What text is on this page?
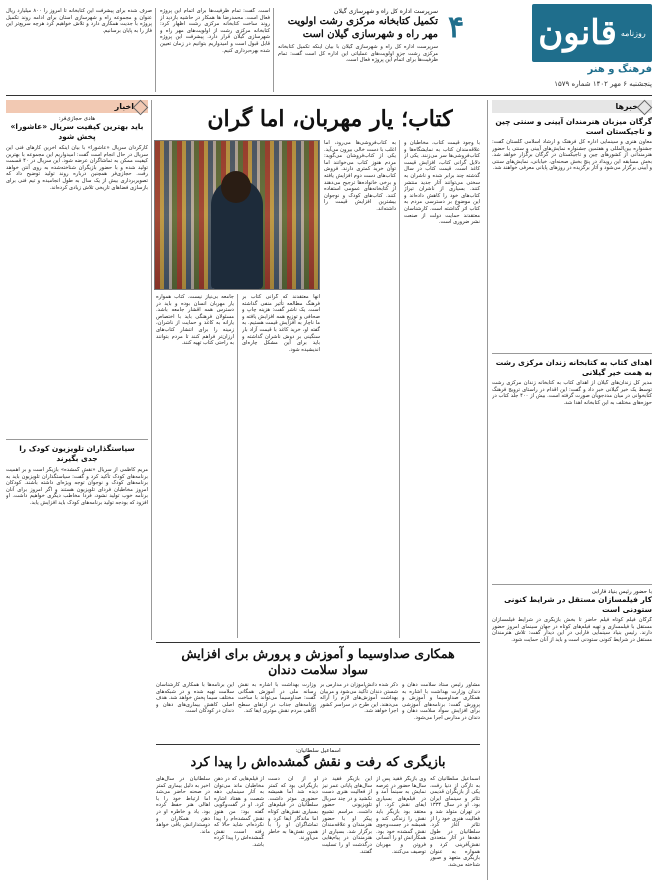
روزنامه
قانون
۴
فرهنگ و هنر
پنجشنبه ۶ مهر ۱۴۰۲ شماره ۱۵۷۹
سرپرست اداره کل راه و شهرسازی گیلان
تکمیل کتابخانه مرکزی رشت اولویت
مهر راه و شهرسازی گیلان است
سرپرست اداره کل راه و شهرسازی گیلان با بیان اینکه تکمیل کتابخانه مرکزی رشت جزو اولویت‌های عملیاتی این اداره کل است گفت: تمام ظرفیت‌ها برای اتمام این پروژه فعال است.
است. گفت: تمام ظرفیت‌ها برای اتمام این پروژه فعال است. محمدرضا ها همکار در حاشیه بازدید از روند ساخت کتابخانه مرکزی رشت اظهار کرد: کتابخانه مرکزی رشت از اولویت‌های مهر راه و شهرسازی گیلان قرار دارد. پیشرفت این پروژه قابل قبول است و امیدواریم بتوانیم در زمان تعیین شده بهره‌برداری کنیم.
صرف شده برای پیشرفت این کتابخانه تا امروز را ۸۰۰ میلیارد ریال عنوان و مجموعه راه و شهرسازی استان برای ادامه روند تکمیل پروژه با جدیت همکاری دارد و تلاش خواهیم کرد هرچه سریع‌تر این فاز را به پایان برسانیم.
خبرها
گرگان میزبان هنرمندان آیینی و سنتی چین و تاجیکستان است
معاون هنری و سینمایی اداره کل فرهنگ و ارشاد اسلامی گلستان گفت: جشنواره بین‌المللی و هفتمین جشنواره نمایش‌های آیینی و سنتی با حضور هنرمندانی از کشورهای چین و تاجیکستان در گرگان برگزار خواهد شد. بخش مسابقه این رویداد در پنج بخش صحنه‌ای، خیابانی، نمایش‌های سنتی و آیینی برگزار می‌شود و آثار برگزیده در روزهای پایانی معرفی خواهند شد.
اهدای کتاب به کتابخانه زندان مرکزی رشت به همت خیر گیلانی
مدیر کل زندان‌های گیلان از اهدای کتاب به کتابخانه زندان مرکزی رشت توسط یک خیر گیلانی خبر داد و گفت: این اقدام در راستای ترویج فرهنگ کتابخوانی در میان مددجویان صورت گرفته است. بیش از ۴۰۰ جلد کتاب در حوزه‌های مختلف به این کتابخانه اهدا شد.
با حضور رئیس بنیاد فارابی
کار فیلمسازان مستقل در شرایط کنونی ستودنی است
گرگان فیلم کوتاه فیلم حاضر تا بخش بازیگری در شرایط فیلمسازان مستقل با فیلمسازی و تهیه فیلم‌های کوتاه در جهان سینمای امروز حضور دارند. رئیس بنیاد سینمایی فارابی در این دیدار گفت: تلاش هنرمندان مستقل در شرایط کنونی ستودنی است و باید از آنان حمایت شود.
کتاب؛ یار مهربان، اما گران
با وجود قیمت کتاب، مخاطبان و علاقه‌مندان کتاب به نمایشگاه‌ها و کتاب‌فروشی‌ها سر می‌زنند. یکی از دلایل گرانی کتاب، افزایش قیمت کاغذ است. قیمت کتاب در سال گذشته چند برابر شده و ناشران به سختی می‌توانند آثار جدید منتشر کنند. بسیاری از ناشران تیراژ کتاب‌های خود را کاهش داده‌اند و این موضوع بر دسترسی مردم به کتاب اثر گذاشته است. کارشناسان معتقدند حمایت دولت از صنعت نشر ضروری است.
به کتاب‌فروشی‌ها می‌رود، اما اغلب با دست خالی بیرون می‌آید. یکی از کتاب‌فروشان می‌گوید: مردم هنوز کتاب می‌خوانند اما توان خرید کمتری دارند. فروش کتاب‌های دست دوم افزایش یافته و برخی خانواده‌ها ترجیح می‌دهند از کتابخانه‌های عمومی استفاده کنند. کتاب‌های کودک و نوجوان بیشترین افزایش قیمت را داشته‌اند.
آنها معتقدند که گرانی کتاب بر فرهنگ مطالعه تأثیر منفی گذاشته است. یک ناشر گفت: هزینه چاپ و صحافی و توزیع همه افزایش یافته و ما ناچار به افزایش قیمت هستیم. به گفته او، خرید کاغذ با قیمت آزاد بار سنگینی بر دوش ناشران گذاشته و باید برای این مشکل چاره‌ای اندیشیده شود.
جامعه بی‌نیاز نیست. کتاب همواره یار مهربان انسان بوده و باید در دسترس همه اقشار جامعه باشد. مسئولان فرهنگی باید با اختصاص یارانه به کاغذ و حمایت از ناشران، زمینه را برای انتشار کتاب‌های ارزان‌تر فراهم کنند تا مردم بتوانند به راحتی کتاب تهیه کنند.
اخبار
هادی حجازی‌فر:
باید بهترین کیفیت سریال «عاشورا» پخش شود
کارگردان سریال «عاشورا» با بیان اینکه آخرین کارهای فنی این سریال در حال انجام است گفت: امیدواریم این مجموعه با بهترین کیفیت ممکن به تماشاگران عرضه شود. این سریال در ۴۰ قسمت تولید شده و با حضور بازیگران شناخته‌شده به روی آنتن خواهد رفت. حجازی‌فر همچنین درباره روند تولید توضیح داد که تصویربرداری بیش از یک سال به طول انجامیده و تیم فنی برای بازسازی فضاهای تاریخی تلاش زیادی کرده‌اند.
سیاستگذاران تلویزیون کودک را
جدی بگیرند
مریم کاظمی از سریال «نقش گمشده» بازیگر است و بر اهمیت برنامه‌های کودک تأکید کرد و گفت: سیاستگذاران تلویزیون باید به برنامه‌های کودک و نوجوان توجه ویژه‌ای داشته باشند. کودکان امروز مخاطبان فردای تلویزیون هستند و اگر امروز برای آنان برنامه خوب تولید نشود، فردا مخاطب دیگری خواهیم داشت. او افزود که بودجه تولید برنامه‌های کودک باید افزایش یابد.
همکاری صداوسیما و آموزش و پرورش برای افزایش
سواد سلامت دندان
مشاور رئیس ستاد سلامت دهان و دندان وزارت بهداشت با اشاره به همکاری صداوسیما و آموزش و پرورش گفت: برنامه‌های آموزشی برای افزایش سواد سلامت دهان و دندان در مدارس اجرا می‌شود.
ذکر شده دانش‌آموزان در مدارس بر شستن دندان تأکید می‌شود و مربیان بهداشت آموزش‌های لازم را ارائه می‌دهند. این طرح در سراسر کشور اجرا خواهد شد.
وزارت بهداشت با اشاره به نقش رسانه ملی در آموزش همگانی گفت: صداوسیما می‌تواند با ساخت برنامه‌های جذاب در ارتقای سطح آگاهی مردم نقش موثری ایفا کند.
این برنامه‌ها با همکاری کارشناسان سلامت تهیه شده و در شبکه‌های مختلف سیما پخش خواهد شد. هدف اصلی کاهش بیماری‌های دهان و دندان در کودکان است.
اسماعیل سلطانیان:
بازیگری که رفت و نقش گمشده‌اش را پیدا کرد
اسماعیل سلطانیان که به تازگی از دنیا رفت، یکی از بازیگران قدیمی تئاتر و سینمای ایران بود. او در سال ۱۳۳۴ در تهران متولد شد و فعالیت هنری خود را از تئاتر آغاز کرد. سلطانیان در طول دهه‌ها در آثار متعددی نقش‌آفرینی کرد و همواره به عنوان بازیگری متعهد و صبور شناخته می‌شد.
وی بازیگر فقید پس از سال‌ها حضور در عرصه نمایش به سینما آمد و در فیلم‌های بسیاری ایفای نقش کرد. او معتقد بود بازیگر باید نقش را زندگی کند و همیشه در جست‌وجوی نقش گمشده خود بود. همکارانش او را انسانی فروتن و مهربان توصیف می‌کنند.
این بازیگر فقید در سال‌های پایانی عمر نیز از فعالیت هنری دست نکشید و در چند سریال تلویزیونی حضور داشت. مراسم تشییع پیکر او با حضور هنرمندان و علاقه‌مندان برگزار شد. بسیاری از هنرمندان در پیام‌هایی درگذشت او را تسلیت گفتند.
او از آن دست بازیگرانی بود که کمتر دیده شد اما همیشه حضوری موثر داشت. سلطانیان در فیلم‌های بسیاری نقش‌های کوتاه اما ماندگار ایفا کرد و تماشاگران او را با همین نقش‌ها به خاطر می‌آورند.
از فیلم‌هایی که در ذهن مخاطبان ماند می‌توان به آثار سینمایی دهه شصت و هفتاد اشاره کرد. او در گفت‌وگویی گفته بود: من هنوز نقش گمشده‌ام را پیدا نکرده‌ام. شاید حالا که رفته است، نقش گمشده‌اش را پیدا کرده باشد.
سلطانیان در سال‌های اخیر به دلیل بیماری کمتر در صحنه حاضر می‌شد اما ارتباط خود را با اهالی هنر حفظ کرده بود. یاد و خاطره او در ذهن همکاران و دوستدارانش باقی خواهد ماند.
